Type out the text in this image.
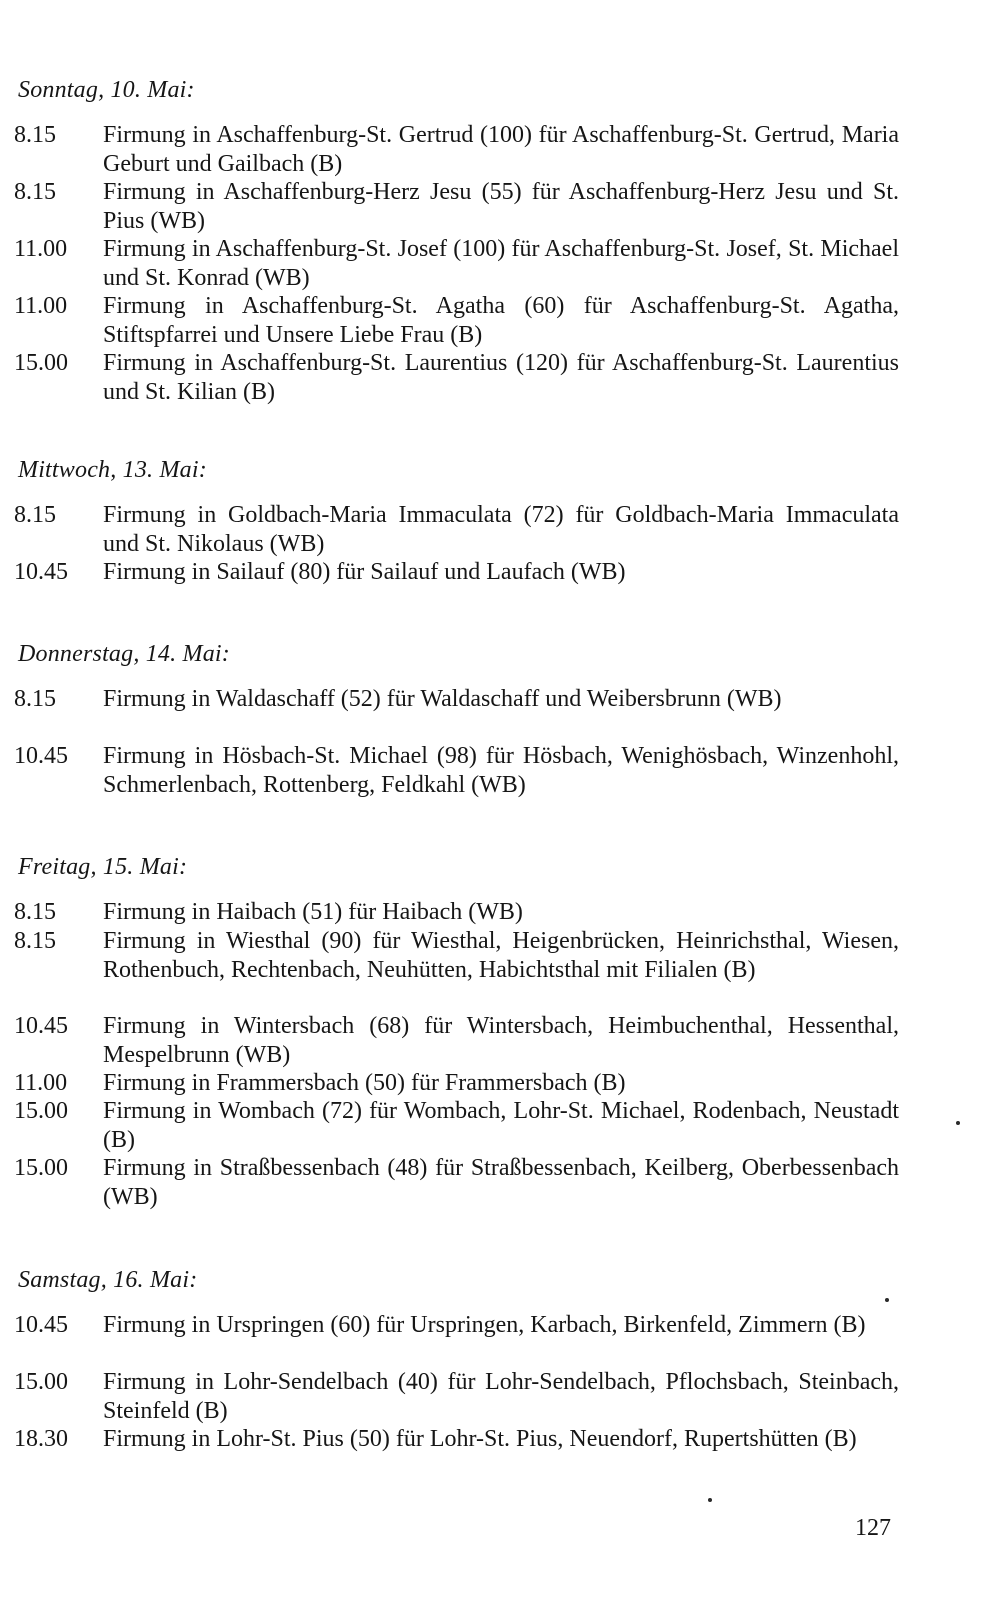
Sonntag, 10. Mai:
8.15	Firmung in Aschaffenburg-St. Gertrud (100) für Aschaffenburg-St. Gertrud, Maria Geburt und Gailbach (B)
8.15	Firmung in Aschaffenburg-Herz Jesu (55) für Aschaffenburg-Herz Jesu und St. Pius (WB)
11.00	Firmung in Aschaffenburg-St. Josef (100) für Aschaffenburg-St. Josef, St. Michael und St. Konrad (WB)
11.00	Firmung in Aschaffenburg-St. Agatha (60) für Aschaffenburg-St. Agatha, Stiftspfarrei und Unsere Liebe Frau (B)
15.00	Firmung in Aschaffenburg-St. Laurentius (120) für Aschaffenburg-St. Laurentius und St. Kilian (B)
Mittwoch, 13. Mai:
8.15	Firmung in Goldbach-Maria Immaculata (72) für Goldbach-Maria Immaculata und St. Nikolaus (WB)
10.45	Firmung in Sailauf (80) für Sailauf und Laufach (WB)
Donnerstag, 14. Mai:
8.15	Firmung in Waldaschaff (52) für Waldaschaff und Weibersbrunn (WB)
10.45	Firmung in Hösbach-St. Michael (98) für Hösbach, Wenighösbach, Winzenhohl, Schmerlenbach, Rottenberg, Feldkahl (WB)
Freitag, 15. Mai:
8.15	Firmung in Haibach (51) für Haibach (WB)
8.15	Firmung in Wiesthal (90) für Wiesthal, Heigenbrücken, Heinrichsthal, Wiesen, Rothenbuch, Rechtenbach, Neuhütten, Habichtsthal mit Filialen (B)
10.45	Firmung in Wintersbach (68) für Wintersbach, Heimbuchenthal, Hessenthal, Mespelbrunn (WB)
11.00	Firmung in Frammersbach (50) für Frammersbach (B)
15.00	Firmung in Wombach (72) für Wombach, Lohr-St. Michael, Rodenbach, Neustadt (B)
15.00	Firmung in Straßbessenbach (48) für Straßbessenbach, Keilberg, Oberbessenbach (WB)
Samstag, 16. Mai:
10.45	Firmung in Urspringen (60) für Urspringen, Karbach, Birkenfeld, Zimmern (B)
15.00	Firmung in Lohr-Sendelbach (40) für Lohr-Sendelbach, Pflochsbach, Steinbach, Steinfeld (B)
18.30	Firmung in Lohr-St. Pius (50) für Lohr-St. Pius, Neuendorf, Rupertshütten (B)
127
